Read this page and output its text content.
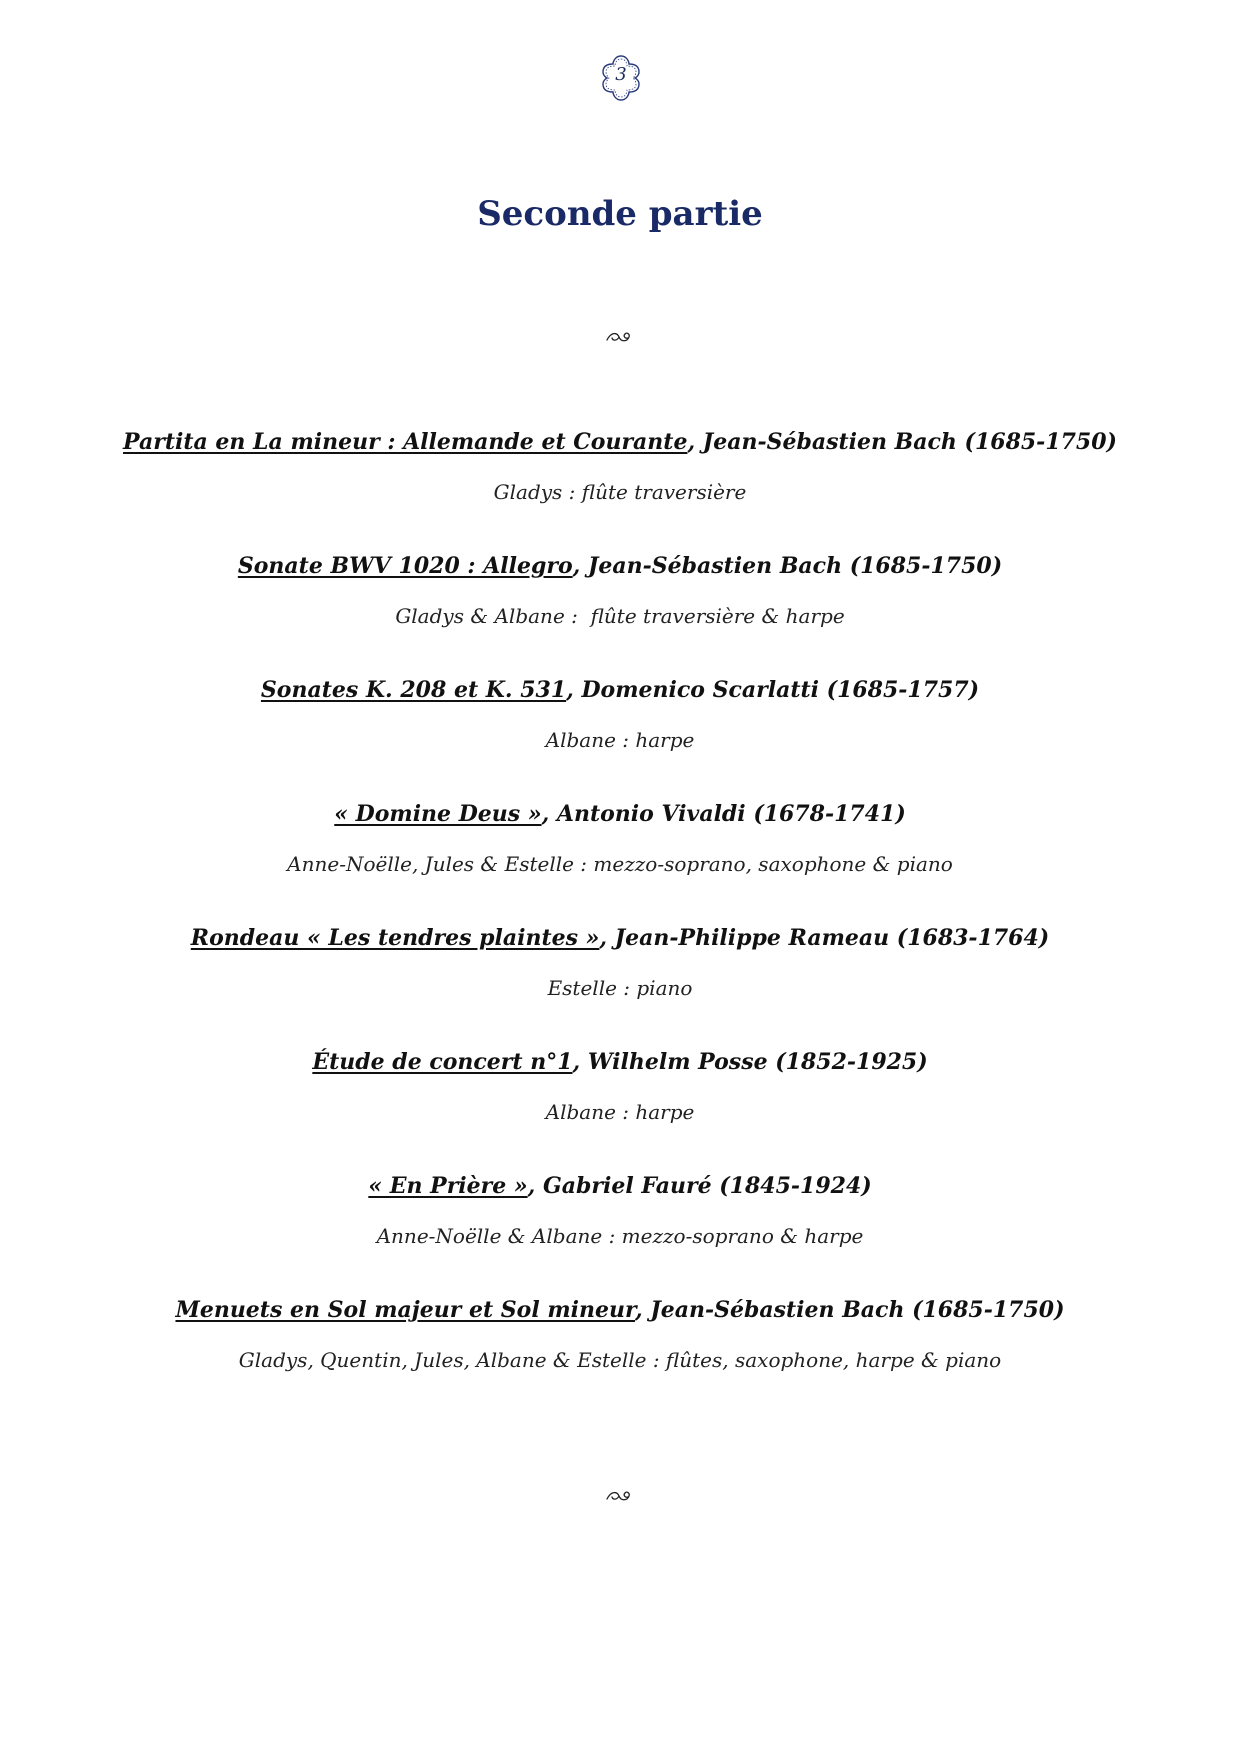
3
Seconde partie
Partita en La mineur : Allemande et Courante, Jean-Sébastien Bach (1685-1750)
Gladys : flûte traversière
Sonate BWV 1020 : Allegro, Jean-Sébastien Bach (1685-1750)
Gladys & Albane :  flûte traversière & harpe
Sonates K. 208 et K. 531, Domenico Scarlatti (1685-1757)
Albane : harpe
« Domine Deus », Antonio Vivaldi (1678-1741)
Anne-Noëlle, Jules & Estelle : mezzo-soprano, saxophone & piano
Rondeau « Les tendres plaintes », Jean-Philippe Rameau (1683-1764)
Estelle : piano
Étude de concert n°1, Wilhelm Posse (1852-1925)
Albane : harpe
« En Prière », Gabriel Fauré (1845-1924)
Anne-Noëlle & Albane : mezzo-soprano & harpe
Menuets en Sol majeur et Sol mineur, Jean-Sébastien Bach (1685-1750)
Gladys, Quentin, Jules, Albane & Estelle : flûtes, saxophone, harpe & piano
